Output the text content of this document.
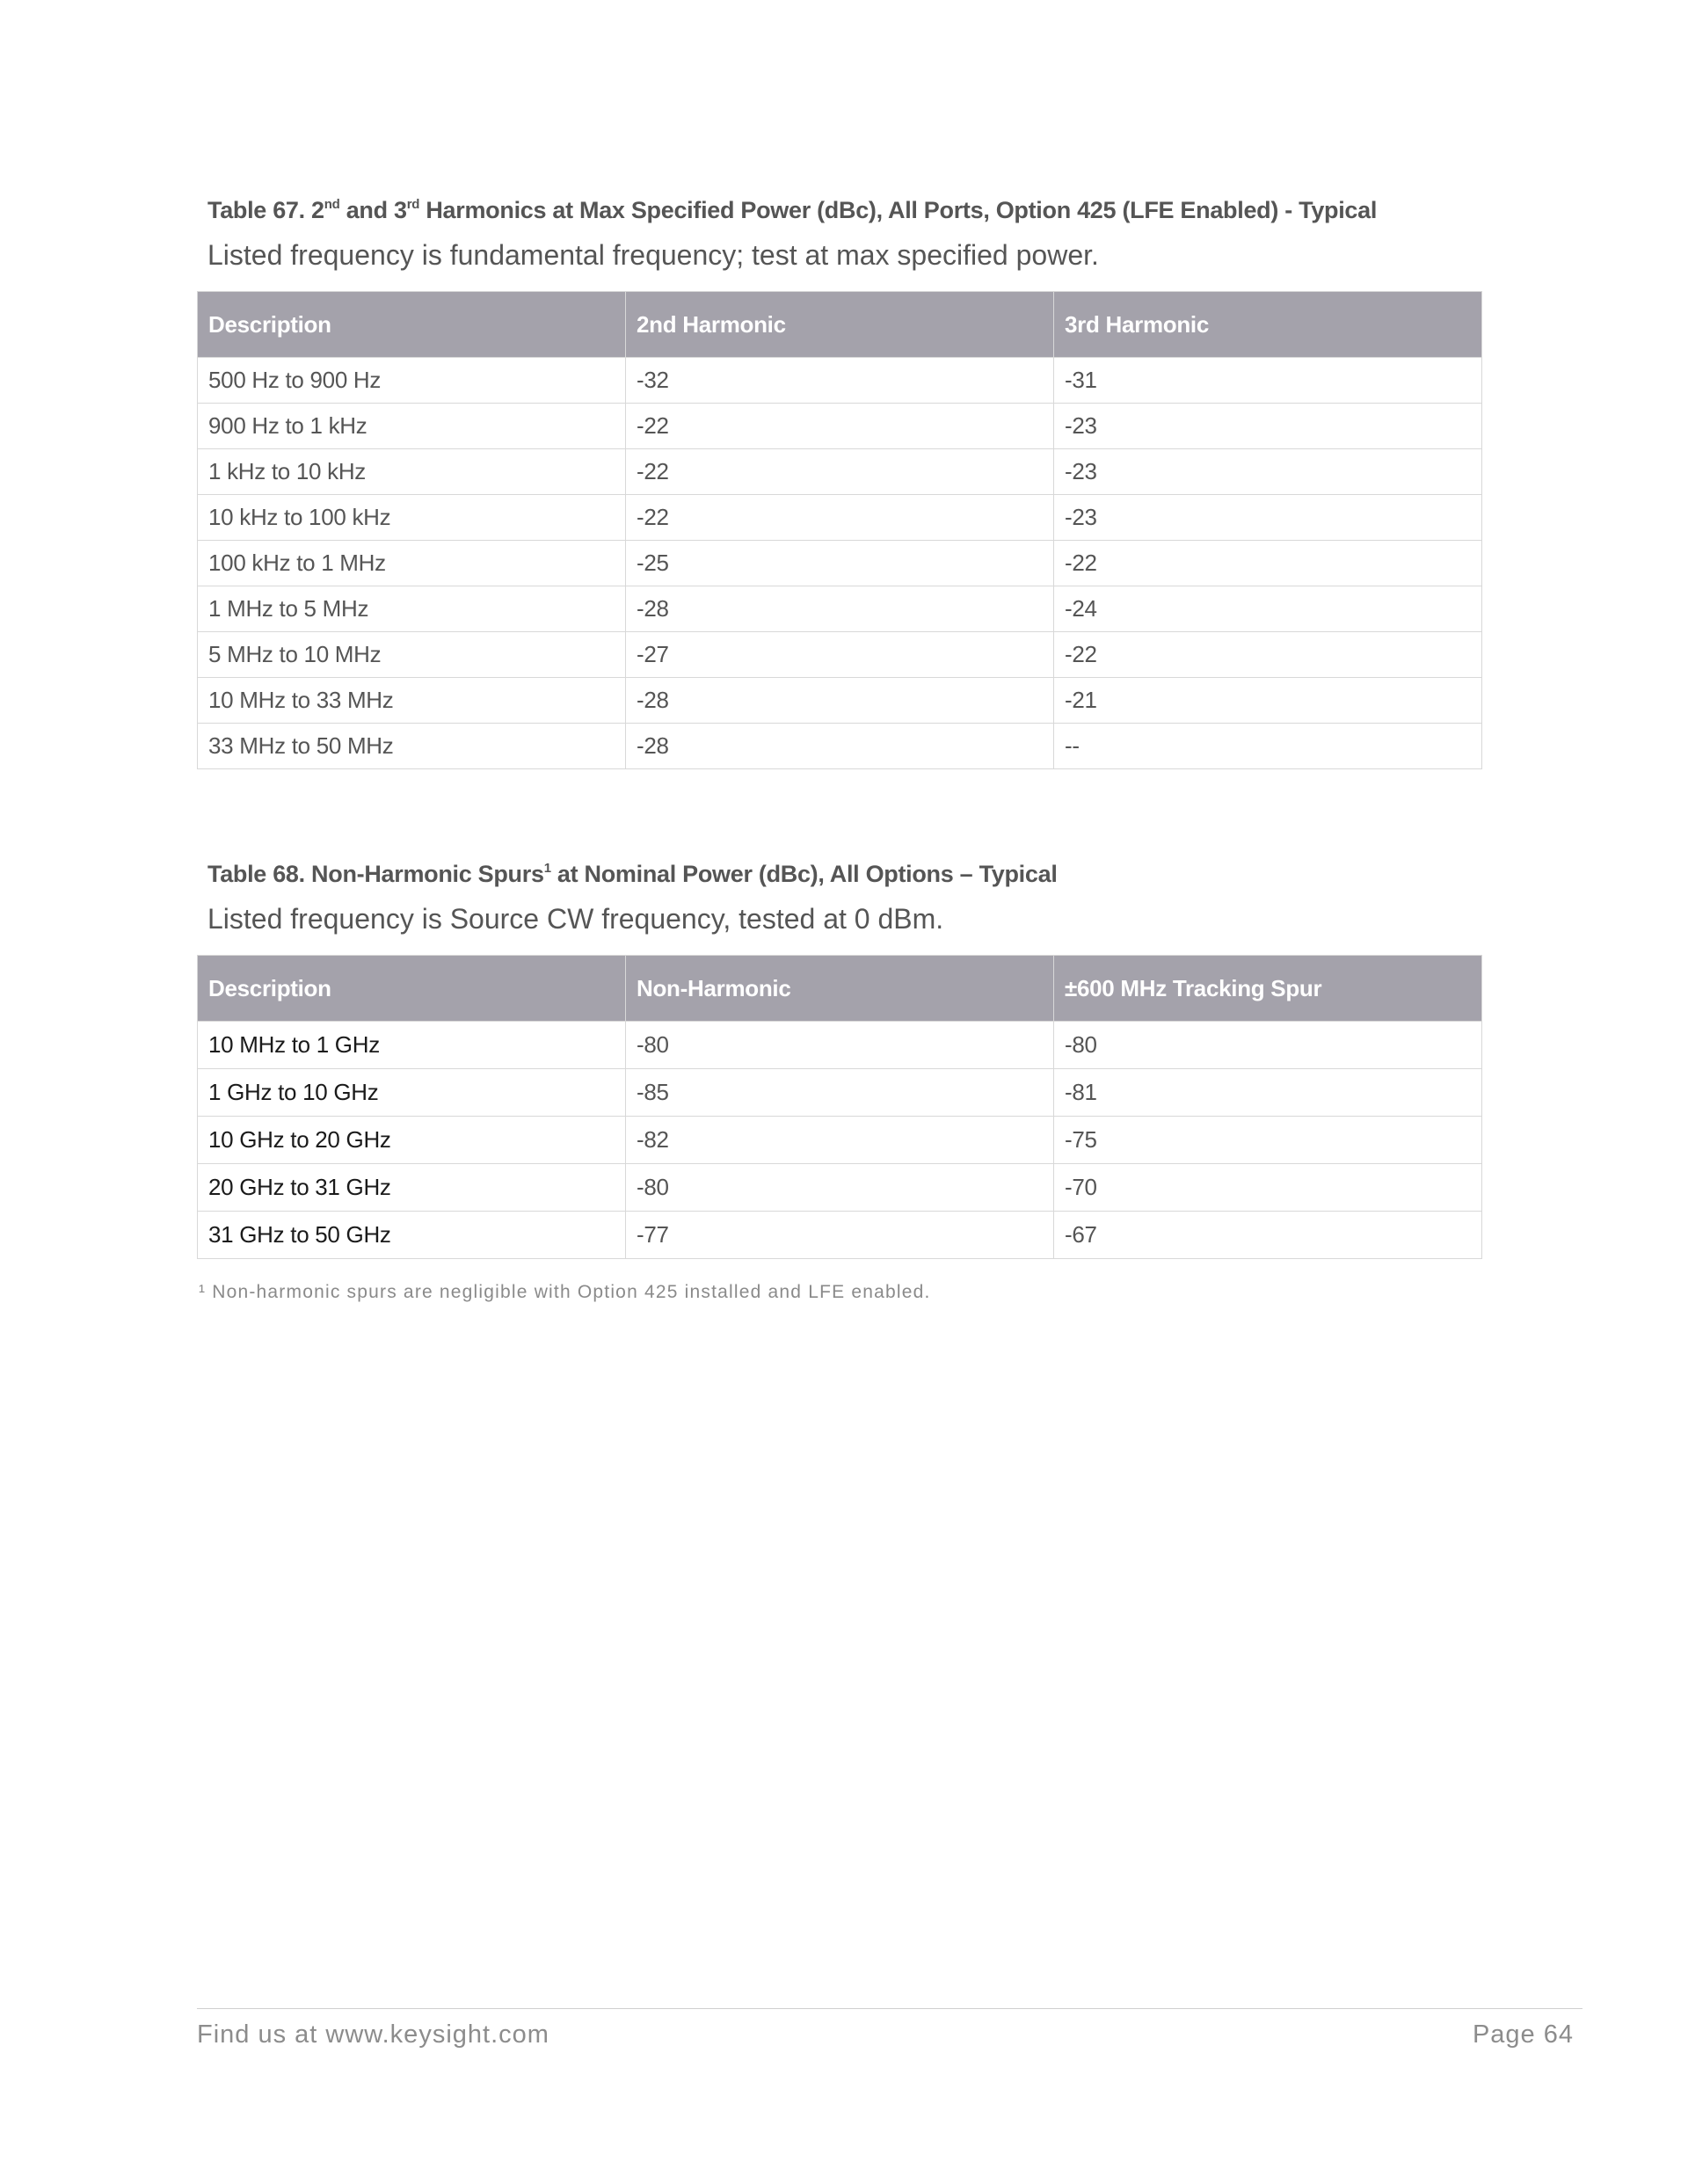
Table 67. 2nd and 3rd Harmonics at Max Specified Power (dBc), All Ports, Option 425 (LFE Enabled) - Typical
Listed frequency is fundamental frequency; test at max specified power.
Description	2nd Harmonic	3rd Harmonic
500 Hz to 900 Hz	-32	-31
900 Hz to 1 kHz	-22	-23
1 kHz to 10 kHz	-22	-23
10 kHz to 100 kHz	-22	-23
100 kHz to 1 MHz	-25	-22
1 MHz to 5 MHz	-28	-24
5 MHz to 10 MHz	-27	-22
10 MHz to 33 MHz	-28	-21
33 MHz to 50 MHz	-28	--
Table 68. Non-Harmonic Spurs$^1$ at Nominal Power (dBc), All Options – Typical
Listed frequency is Source CW frequency, tested at 0 dBm.
Description	Non-Harmonic	±600 MHz Tracking Spur
10 MHz to 1 GHz	-80	-80
1 GHz to 10 GHz	-85	-81
10 GHz to 20 GHz	-82	-75
20 GHz to 31 GHz	-80	-70
31 GHz to 50 GHz	-77	-67
¹ Non-harmonic spurs are negligible with Option 425 installed and LFE enabled.
Find us at www.keysight.com	Page 64
